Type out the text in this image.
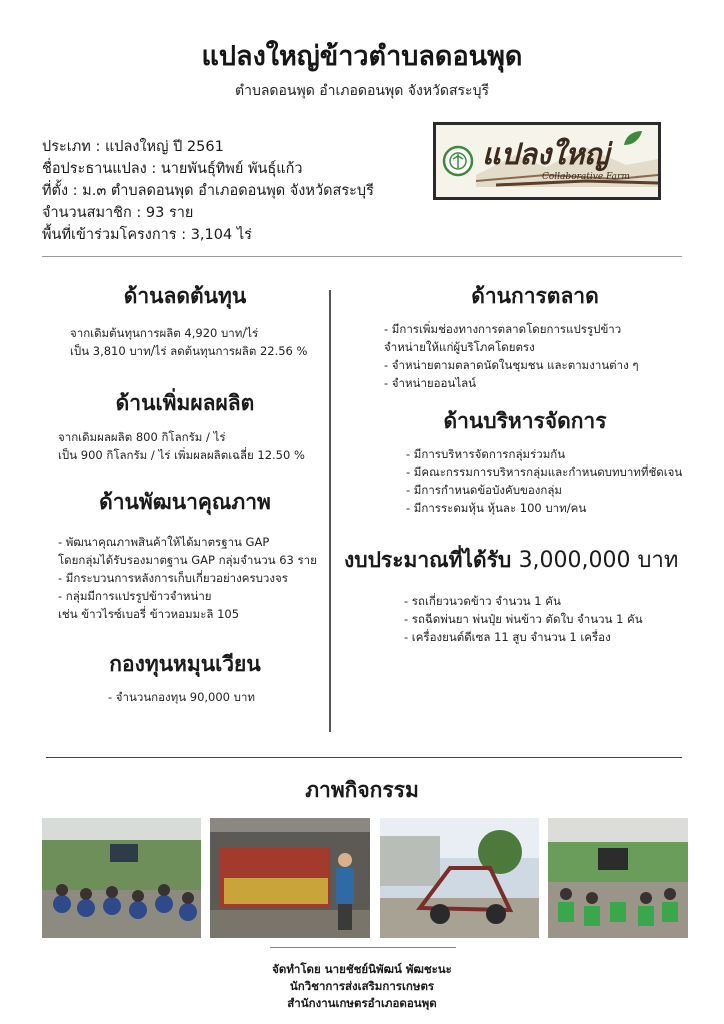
แปลงใหญ่ข้าวตำบลดอนพุด
ตำบลดอนพุด อำเภอดอนพุด จังหวัดสระบุรี
ประเภท : แปลงใหญ่ ปี 2561
ชื่อประธานแปลง : นายพันธุ์ทิพย์ พันธุ์แก้ว
ที่ตั้ง : ม.๓ ตำบลดอนพุด อำเภอดอนพุด จังหวัดสระบุรี
จำนวนสมาชิก : 93 ราย
พื้นที่เข้าร่วมโครงการ : 3,104 ไร่
แปลงใหญ่
Collaborative Farm
ด้านลดต้นทุน
จากเดิมต้นทุนการผลิต 4,920 บาท/ไร่
เป็น 3,810 บาท/ไร่ ลดต้นทุนการผลิต 22.56 %
ด้านเพิ่มผลผลิต
จากเดิมผลผลิต 800 กิโลกรัม / ไร่
เป็น 900 กิโลกรัม / ไร่ เพิ่มผลผลิตเฉลี่ย 12.50 %
ด้านพัฒนาคุณภาพ
- พัฒนาคุณภาพสินค้าให้ได้มาตรฐาน GAP
โดยกลุ่มได้รับรองมาตฐาน GAP กลุ่มจำนวน 63 ราย
- มีกระบวนการหลังการเก็บเกี่ยวอย่างครบวงจร
- กลุ่มมีการแปรรูปข้าวจำหน่าย
เช่น ข้าวไรซ์เบอรี่ ข้าวหอมมะลิ 105
กองทุนหมุนเวียน
- จำนวนกองทุน 90,000 บาท
ด้านการตลาด
- มีการเพิ่มช่องทางการตลาดโดยการแปรรูปข้าว
จำหน่ายให้แก่ผู้บริโภคโดยตรง
- จำหน่ายตามตลาดนัดในชุมชน และตามงานต่าง ๆ
- จำหน่ายออนไลน์
ด้านบริหารจัดการ
- มีการบริหารจัดการกลุ่มร่วมกัน
- มีคณะกรรมการบริหารกลุ่มและกำหนดบทบาทที่ชัดเจน
- มีการกำหนดข้อบังคับของกลุ่ม
- มีการระดมหุ้น หุ้นละ 100 บาท/คน
งบประมาณที่ได้รับ 3,000,000 บาท
- รถเกี่ยวนวดข้าว จำนวน 1 คัน
- รถฉีดพ่นยา พ่นปุ๋ย พ่นข้าว ตัดใบ จำนวน 1 คัน
- เครื่องยนต์ดีเซล 11 สูบ จำนวน 1 เครื่อง
ภาพกิจกรรม
จัดทำโดย นายชัชย์นิพัฒน์ พัฒชะนะ
นักวิชาการส่งเสริมการเกษตร
สำนักงานเกษตรอำเภอดอนพุด
